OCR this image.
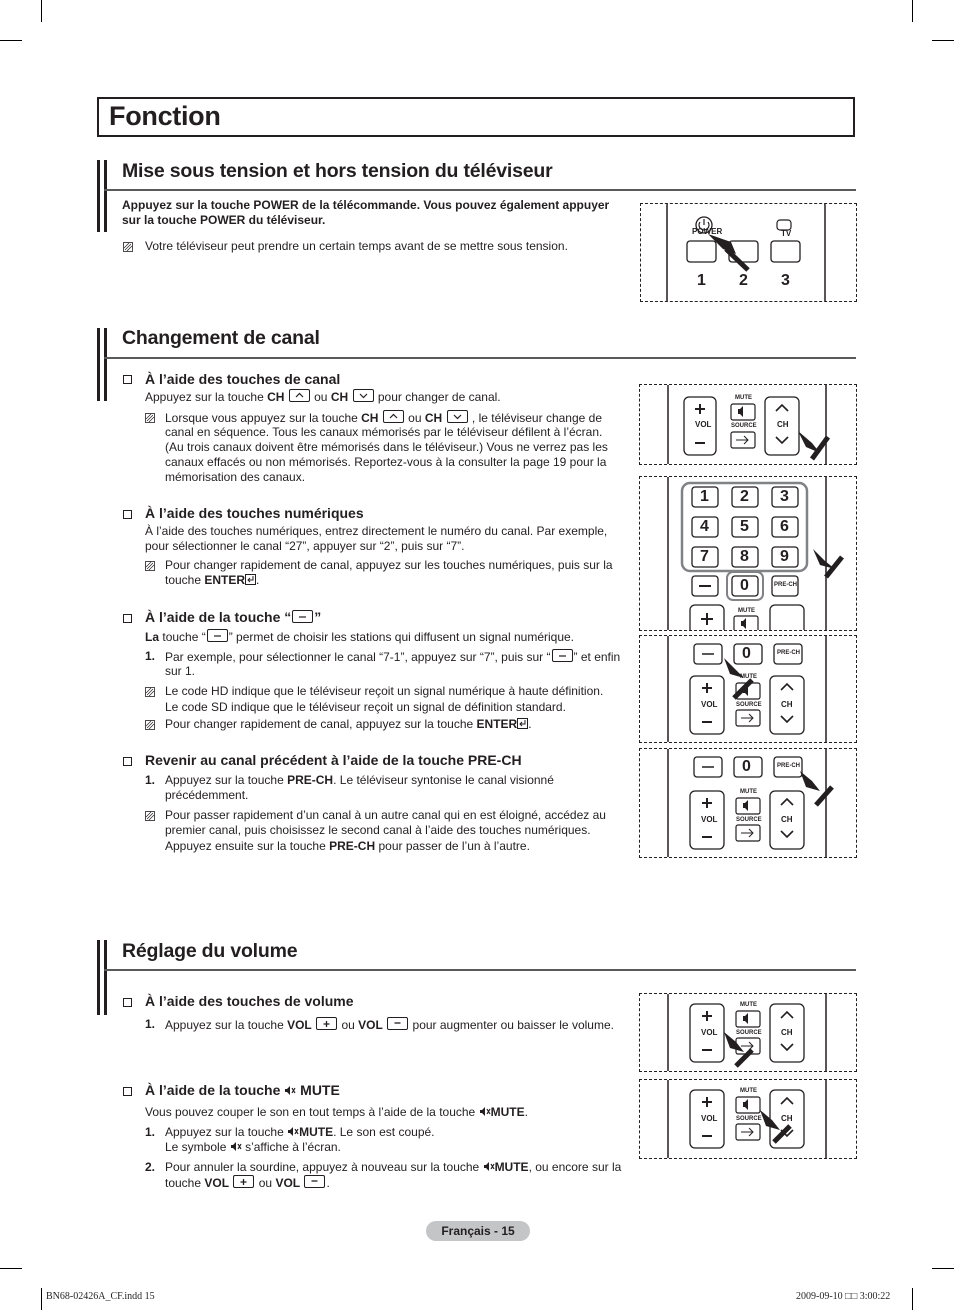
Fonction
Mise sous tension et hors tension du téléviseur
Appuyez sur la touche POWER de la télécommande. Vous pouvez également appuyer
sur la touche POWER du téléviseur.
Votre téléviseur peut prendre un certain temps avant de se mettre sous tension.
POWER	TV
1 2 3
Changement de canal
À l’aide des touches de canal
Appuyez sur la touche CH ou CH pour changer de canal.
Lorsque vous appuyez sur la touche CH ou CH , le téléviseur change de
canal en séquence. Tous les canaux mémorisés par le téléviseur défilent à l’écran.
(Au trois canaux doivent être mémorisés dans le téléviseur.) Vous ne verrez pas les
canaux effacés ou non mémorisés. Reportez-vous à la consulter la page 19 pour la
mémorisation des canaux.
À l’aide des touches numériques
À l’aide des touches numériques, entrez directement le numéro du canal. Par exemple,
pour sélectionner le canal “27”, appuyer sur “2”, puis sur “7”.
Pour changer rapidement de canal, appuyez sur les touches numériques, puis sur la
touche ENTER .
À l’aide de la touche “ ”
La touche “ ” permet de choisir les stations qui diffusent un signal numérique.
1. Par exemple, pour sélectionner le canal “7-1”, appuyez sur “7”, puis sur “ ” et enfin
sur 1.
Le code HD indique que le téléviseur reçoit un signal numérique à haute définition.
Le code SD indique que le téléviseur reçoit un signal de définition standard.
Pour changer rapidement de canal, appuyez sur la touche ENTER .
Revenir au canal précédent à l’aide de la touche PRE-CH
1. Appuyez sur la touche PRE-CH. Le téléviseur syntonise le canal visionné
précédemment.
Pour passer rapidement d’un canal à un autre canal qui en est éloigné, accédez au
premier canal, puis choisissez le second canal à l’aide des touches numériques.
Appuyez ensuite sur la touche PRE-CH pour passer de l’un à l’autre.
VOL	CH
MUTE
SOURCE
1 2 3
4 5 6
7 8 9
0	PRE-CH
MUTE
0	PRE-CH
VOL	CH
MUTE
SOURCE
0	PRE-CH
VOL	CH
MUTE
SOURCE
Réglage du volume
À l’aide des touches de volume
1. Appuyez sur la touche VOL ou VOL pour augmenter ou baisser le volume.
À l’aide de la touche MUTE
Vous pouvez couper le son en tout temps à l’aide de la touche MUTE.
1. Appuyez sur la touche MUTE. Le son est coupé.
Le symbole s’affiche à l’écran.
2. Pour annuler la sourdine, appuyez à nouveau sur la touche MUTE, ou encore sur la
touche VOL ou VOL .
VOL	CH
MUTE
SOURCE
VOL	CH
MUTE
SOURCE
Français - 15
BN68-02426A_CF.indd 15	2009-09-10 □□ 3:00:22
